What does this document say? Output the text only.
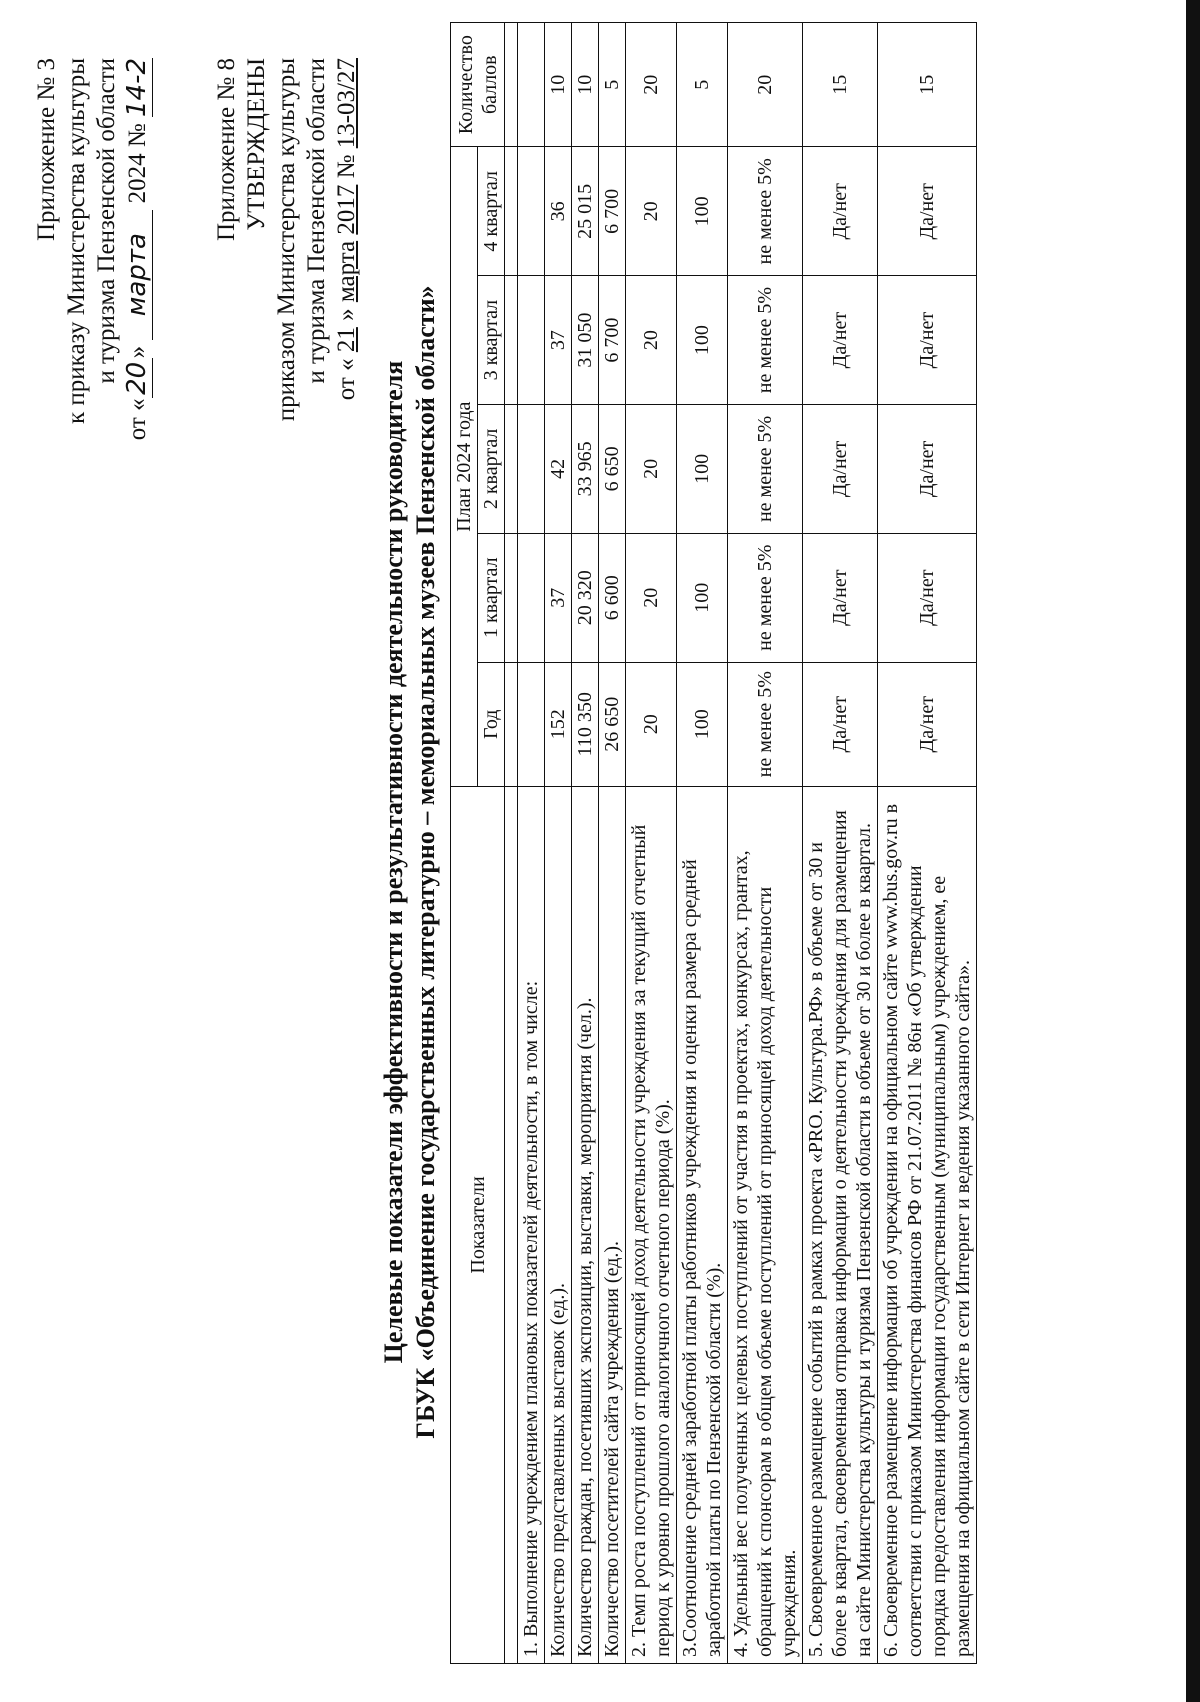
Приложение № 3 к приказу Министерства культуры и туризма Пензенской области
от «20» марта 2024 № 14-2 Приложение № 8 УТВЕРЖДЕНЫ приказом Министерства культуры и туризма Пензенской области
от « 21 » марта 2017 № 13-03/27
Целевые показатели эффективности и результативности деятельности руководителя ГБУК «Объединение государственных литературно – мемориальных музеев Пензенской области» Показатели	План 2024 года					Количество баллов
	Год	1 квартал	2 квартал	3 квартал	4 квартал	

1. Выполнение учреждением плановых показателей деятельности, в том числе:						
Количество представленных выставок (ед.).	152	37	42	37	36	10
Количество граждан, посетивших экспозиции, выставки, мероприятия (чел.).	110 350	20 320	33 965	31 050	25 015	10
Количество посетителей сайта учреждения (ед.).	26 650	6 600	6 650	6 700	6 700	5
2. Темп роста поступлений от приносящей доход деятельности учреждения за текущий отчетный период к уровню прошлого аналогичного отчетного периода (%).	20	20	20	20	20	20
3.Соотношение средней заработной платы работников учреждения и оценки размера средней заработной платы по Пензенской области (%).	100	100	100	100	100	5
4. Удельный вес полученных целевых поступлений от участия в проектах, конкурсах, грантах, обращений к спонсорам в общем объеме поступлений от приносящей доход деятельности учреждения.	не менее 5%	не менее 5%	не менее 5%	не менее 5%	не менее 5%	20
5. Своевременное размещение событий в рамках проекта «PRO. Культура.РФ» в объеме от 30 и более в квартал, своевременная отправка информации о деятельности учреждения для размещения на сайте Министерства культуры и туризма Пензенской области в объеме от 30 и более в квартал.	Да/нет	Да/нет	Да/нет	Да/нет	Да/нет	15
6. Своевременное размещение информации об учреждении на официальном сайте www.bus.gov.ru в соответствии с приказом Министерства финансов РФ от 21.07.2011 № 86н «Об утверждении порядка предоставления информации государственным (муниципальным) учреждением, ее размещения на официальном сайте в сети Интернет и ведения указанного сайта».	Да/нет	Да/нет	Да/нет	Да/нет	Да/нет	15
